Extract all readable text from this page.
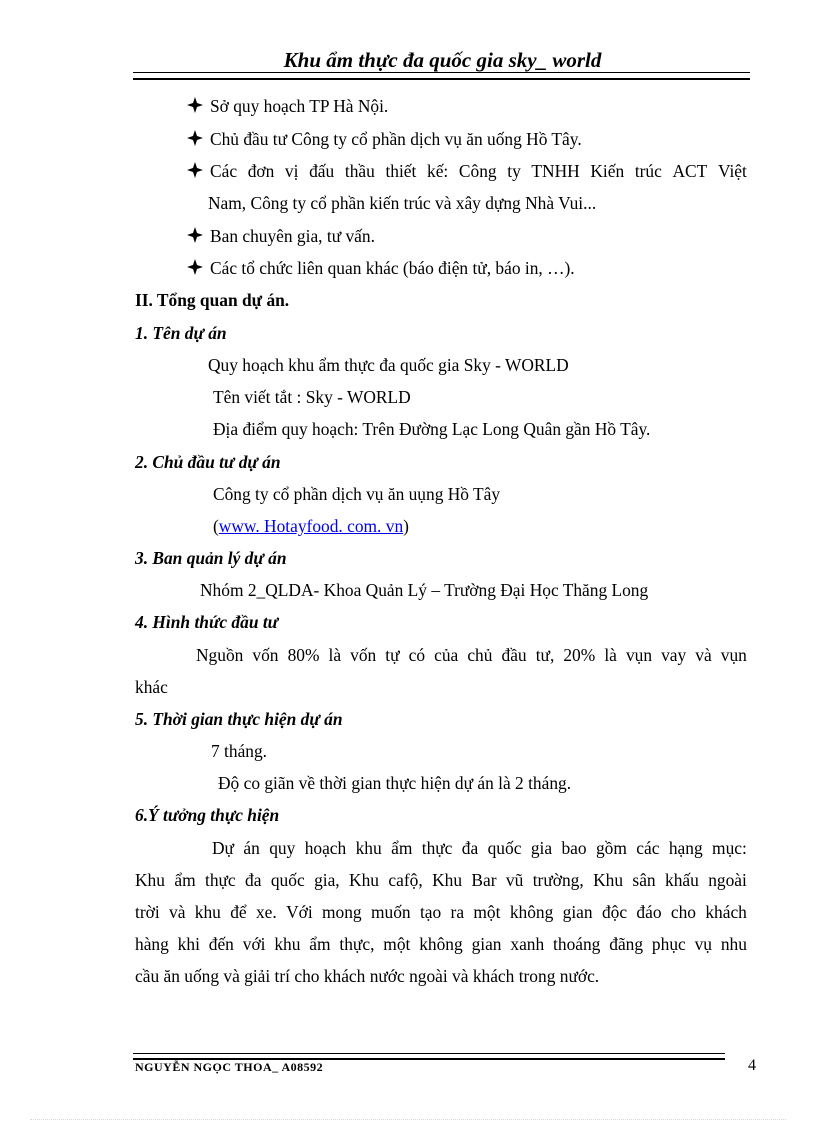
Khu ẩm thực đa quốc gia sky_ world
Sở quy hoạch TP Hà Nội.
Chủ đầu tư Công ty cổ phần dịch vụ ăn uống Hồ Tây.
Các đơn vị đấu thầu thiết kế: Công ty TNHH Kiến trúc ACT Việt
Nam, Công ty cổ phần kiến trúc và xây dựng Nhà Vui...
Ban chuyên gia, tư vấn.
Các tổ chức liên quan khác (báo điện tử, báo in, …).
II. Tổng quan dự án.
1. Tên dự án
Quy hoạch khu ẩm thực đa quốc gia Sky - WORLD
Tên viết tắt : Sky - WORLD
Địa điểm quy hoạch: Trên Đường Lạc Long Quân gần Hồ Tây.
2. Chủ đầu tư dự án
Công ty cổ phần dịch vụ ăn uụng Hồ Tây
(www. Hotayfood. com. vn)
3. Ban quản lý dự án
Nhóm 2_QLDA- Khoa Quản Lý – Trường Đại Học Thăng Long
4. Hình thức đầu tư
Nguồn vốn 80% là vốn tự có của chủ đầu tư, 20% là vụn vay và vụn
khác
5. Thời gian thực hiện dự án
7 tháng.
Độ co giãn về thời gian thực hiện dự án là 2 tháng.
6.Ý tưởng thực hiện
Dự án quy hoạch khu ẩm thực đa quốc gia bao gồm các hạng mục:
Khu ẩm thực đa quốc gia, Khu cafộ, Khu Bar vũ trường, Khu sân khấu ngoài
trời và khu để xe. Với mong muốn tạo ra một không gian độc đáo cho khách
hàng khi đến với khu ẩm thực, một không gian xanh thoáng đãng phục vụ nhu
cầu ăn uống và giải trí cho khách nước ngoài và khách trong nước.
NGUYỄN NGỌC THOA_ A08592	4
